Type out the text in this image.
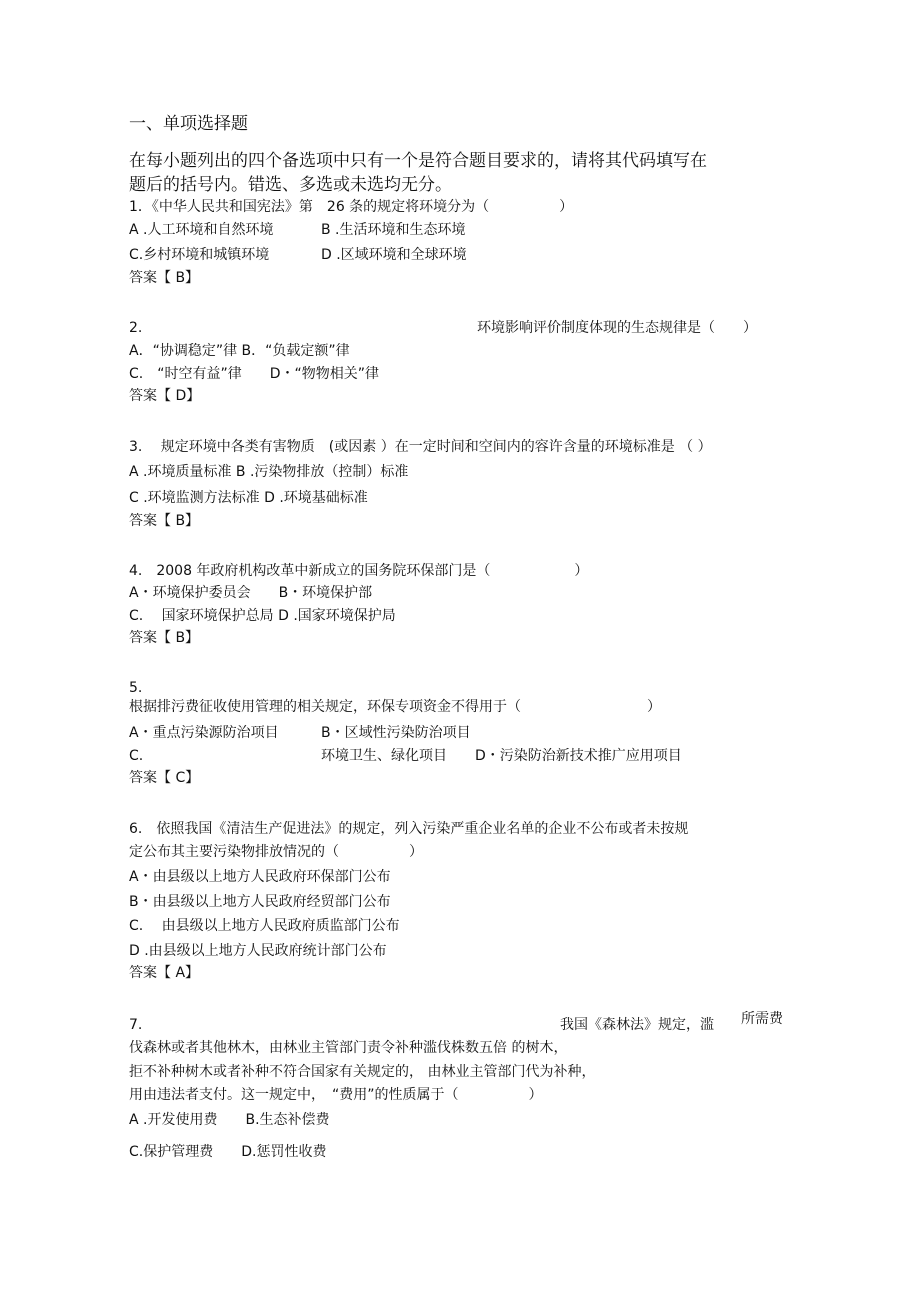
一、单项选择题
在每小题列出的四个备选项中只有一个是符合题目要求的，请将其代码填写在
题后的括号内。错选、多选或未选均无分。
1．《中华人民共和国宪法》第　26 条的规定将环境分为（　　　　　）
A .人工环境和自然环境	B .生活环境和生态环境
C.乡村环境和城镇环境	D .区域环境和全球环境
答案【 B】
2.	环境影响评价制度体现的生态规律是（　　）
A．“协调稳定”律 B．“负载定额”律
C.　“时空有益”律　　D・“物物相关”律
答案【 D】
3.　 规定环境中各类有害物质　(或因素 ）在一定时间和空间内的容许含量的环境标准是 （ ）
A .环境质量标准 B .污染物排放（控制）标准
C .环境监测方法标准 D .环境基础标准
答案【 B】
4.　2008 年政府机构改革中新成立的国务院环保部门是（　　　　　　）
A・环境保护委员会　　B・环境保护部
C.　 国家环境保护总局 D .国家环境保护局
答案【 B】
5.
根据排污费征收使用管理的相关规定，环保专项资金不得用于（　　　　　　　　　）
A・重点污染源防治项目	B・区域性污染防治项目
C.	环境卫生、绿化项目 D・污染防治新技术推广应用项目
答案【 C】
6.　依照我国《清洁生产促进法》的规定，列入污染严重企业名单的企业不公布或者未按规
定公布其主要污染物排放情况的（　　　　　）
A・由县级以上地方人民政府环保部门公布
B・由县级以上地方人民政府经贸部门公布
C.　 由县级以上地方人民政府质监部门公布
D .由县级以上地方人民政府统计部门公布
答案【 A】
7.	我国《森林法》规定，滥 所需费
伐森林或者其他林木，由林业主管部门责令补种滥伐株数五倍 的树木，
拒不补种树木或者补种不符合国家有关规定的， 由林业主管部门代为补种，
用由违法者支付。这一规定中，　“费用”的性质属于（　　　　　）
A .开发使用费　　B.生态补偿费
C.保护管理费　　D.惩罚性收费
